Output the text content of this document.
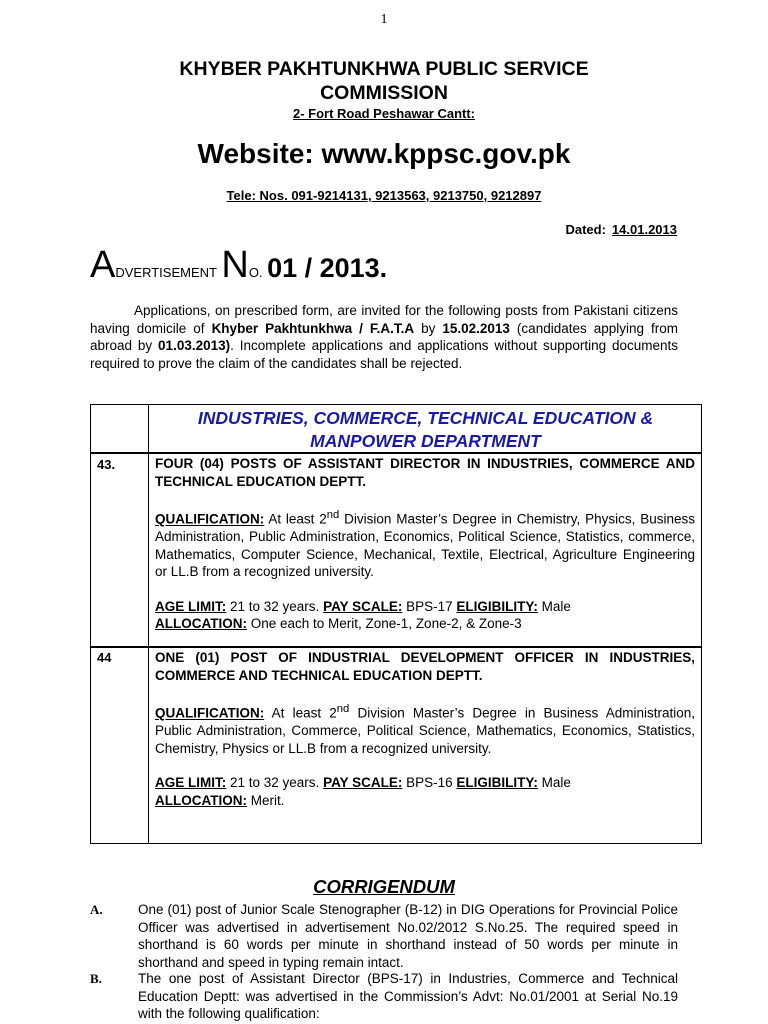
1
KHYBER PAKHTUNKHWA PUBLIC SERVICE
COMMISSION
2- Fort Road Peshawar Cantt:
Website: www.kppsc.gov.pk
Tele: Nos. 091-9214131, 9213563, 9213750, 9212897
Dated: 14.01.2013
ADVERTISEMENT NO. 01 / 2013.
Applications, on prescribed form, are invited for the following posts from Pakistani citizens having domicile of Khyber Pakhtunkhwa / F.A.T.A by 15.02.2013 (candidates applying from abroad by 01.03.2013). Incomplete applications and applications without supporting documents required to prove the claim of the candidates shall be rejected.
INDUSTRIES, COMMERCE, TECHNICAL EDUCATION & MANPOWER DEPARTMENT
43.	FOUR (04) POSTS OF ASSISTANT DIRECTOR IN INDUSTRIES, COMMERCE AND TECHNICAL EDUCATION DEPTT.

QUALIFICATION: At least 2nd Division Master’s Degree in Chemistry, Physics, Business Administration, Public Administration, Economics, Political Science, Statistics, commerce, Mathematics, Computer Science, Mechanical, Textile, Electrical, Agriculture Engineering or LL.B from a recognized university.

AGE LIMIT: 21 to 32 years. PAY SCALE: BPS-17 ELIGIBILITY: Male

ALLOCATION: One each to Merit, Zone-1, Zone-2, & Zone-3

44	ONE (01) POST OF INDUSTRIAL DEVELOPMENT OFFICER IN INDUSTRIES, COMMERCE AND TECHNICAL EDUCATION DEPTT.

QUALIFICATION: At least 2nd Division Master’s Degree in Business Administration, Public Administration, Commerce, Political Science, Mathematics, Economics, Statistics, Chemistry, Physics or LL.B from a recognized university.

AGE LIMIT: 21 to 32 years. PAY SCALE: BPS-16 ELIGIBILITY: Male

ALLOCATION: Merit.

CORRIGENDUM
A.	One (01) post of Junior Scale Stenographer (B-12) in DIG Operations for Provincial Police Officer was advertised in advertisement No.02/2012 S.No.25. The required speed in shorthand is 60 words per minute in shorthand instead of 50 words per minute in shorthand and speed in typing remain intact.
B.	The one post of Assistant Director (BPS-17) in Industries, Commerce and Technical Education Deptt: was advertised in the Commission’s Advt: No.01/2001 at Serial No.19 with the following qualification:
